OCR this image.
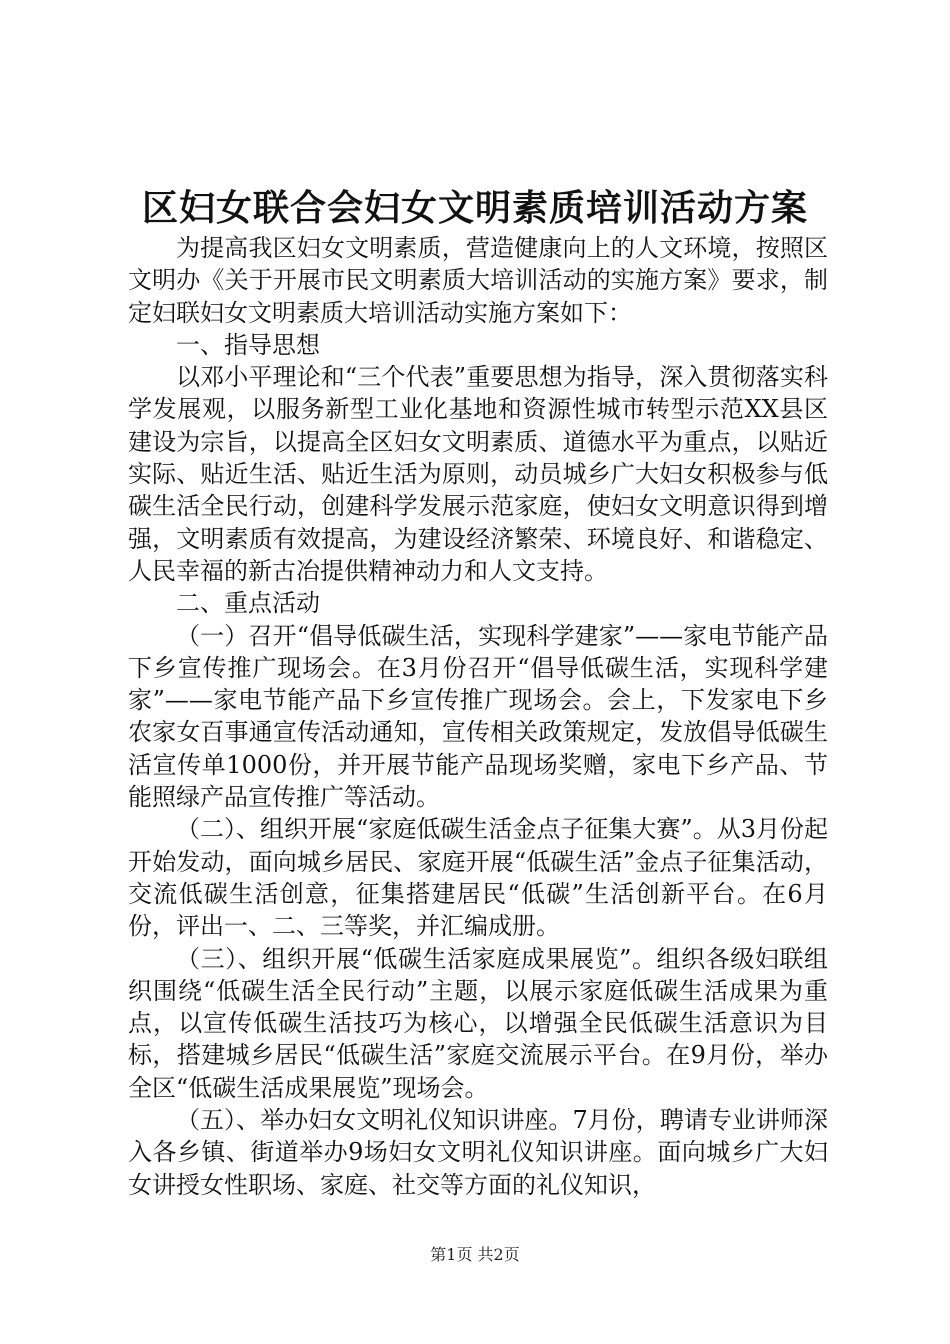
区妇女联合会妇女文明素质培训活动方案

为提高我区妇女文明素质，营造健康向上的人文环境，按照区文明办《关于开展市民文明素质大培训活动的实施方案》要求，制定妇联妇女文明素质大培训活动实施方案如下：

一、指导思想

以邓小平理论和“三个代表”重要思想为指导，深入贯彻落实科学发展观，以服务新型工业化基地和资源性城市转型示范XX县区建设为宗旨，以提高全区妇女文明素质、道德水平为重点，以贴近实际、贴近生活、贴近生活为原则，动员城乡广大妇女积极参与低碳生活全民行动，创建科学发展示范家庭，使妇女文明意识得到增强，文明素质有效提高，为建设经济繁荣、环境良好、和谐稳定、人民幸福的新古冶提供精神动力和人文支持。

二、重点活动

（一）召开“倡导低碳生活，实现科学建家”——家电节能产品下乡宣传推广现场会。在3月份召开“倡导低碳生活，实现科学建家”——家电节能产品下乡宣传推广现场会。会上，下发家电下乡农家女百事通宣传活动通知，宣传相关政策规定，发放倡导低碳生活宣传单1000份，并开展节能产品现场奖赠，家电下乡产品、节能照绿产品宣传推广等活动。

（二）、组织开展“家庭低碳生活金点子征集大赛”。从3月份起开始发动，面向城乡居民、家庭开展“低碳生活”金点子征集活动，交流低碳生活创意，征集搭建居民“低碳”生活创新平台。在6月份，评出一、二、三等奖，并汇编成册。

（三）、组织开展“低碳生活家庭成果展览”。组织各级妇联组织围绕“低碳生活全民行动”主题，以展示家庭低碳生活成果为重点，以宣传低碳生活技巧为核心，以增强全民低碳生活意识为目标，搭建城乡居民“低碳生活”家庭交流展示平台。在9月份，举办全区“低碳生活成果展览”现场会。

（五）、举办妇女文明礼仪知识讲座。7月份，聘请专业讲师深入各乡镇、街道举办9场妇女文明礼仪知识讲座。面向城乡广大妇女讲授女性职场、家庭、社交等方面的礼仪知识，

第1页 共2页
